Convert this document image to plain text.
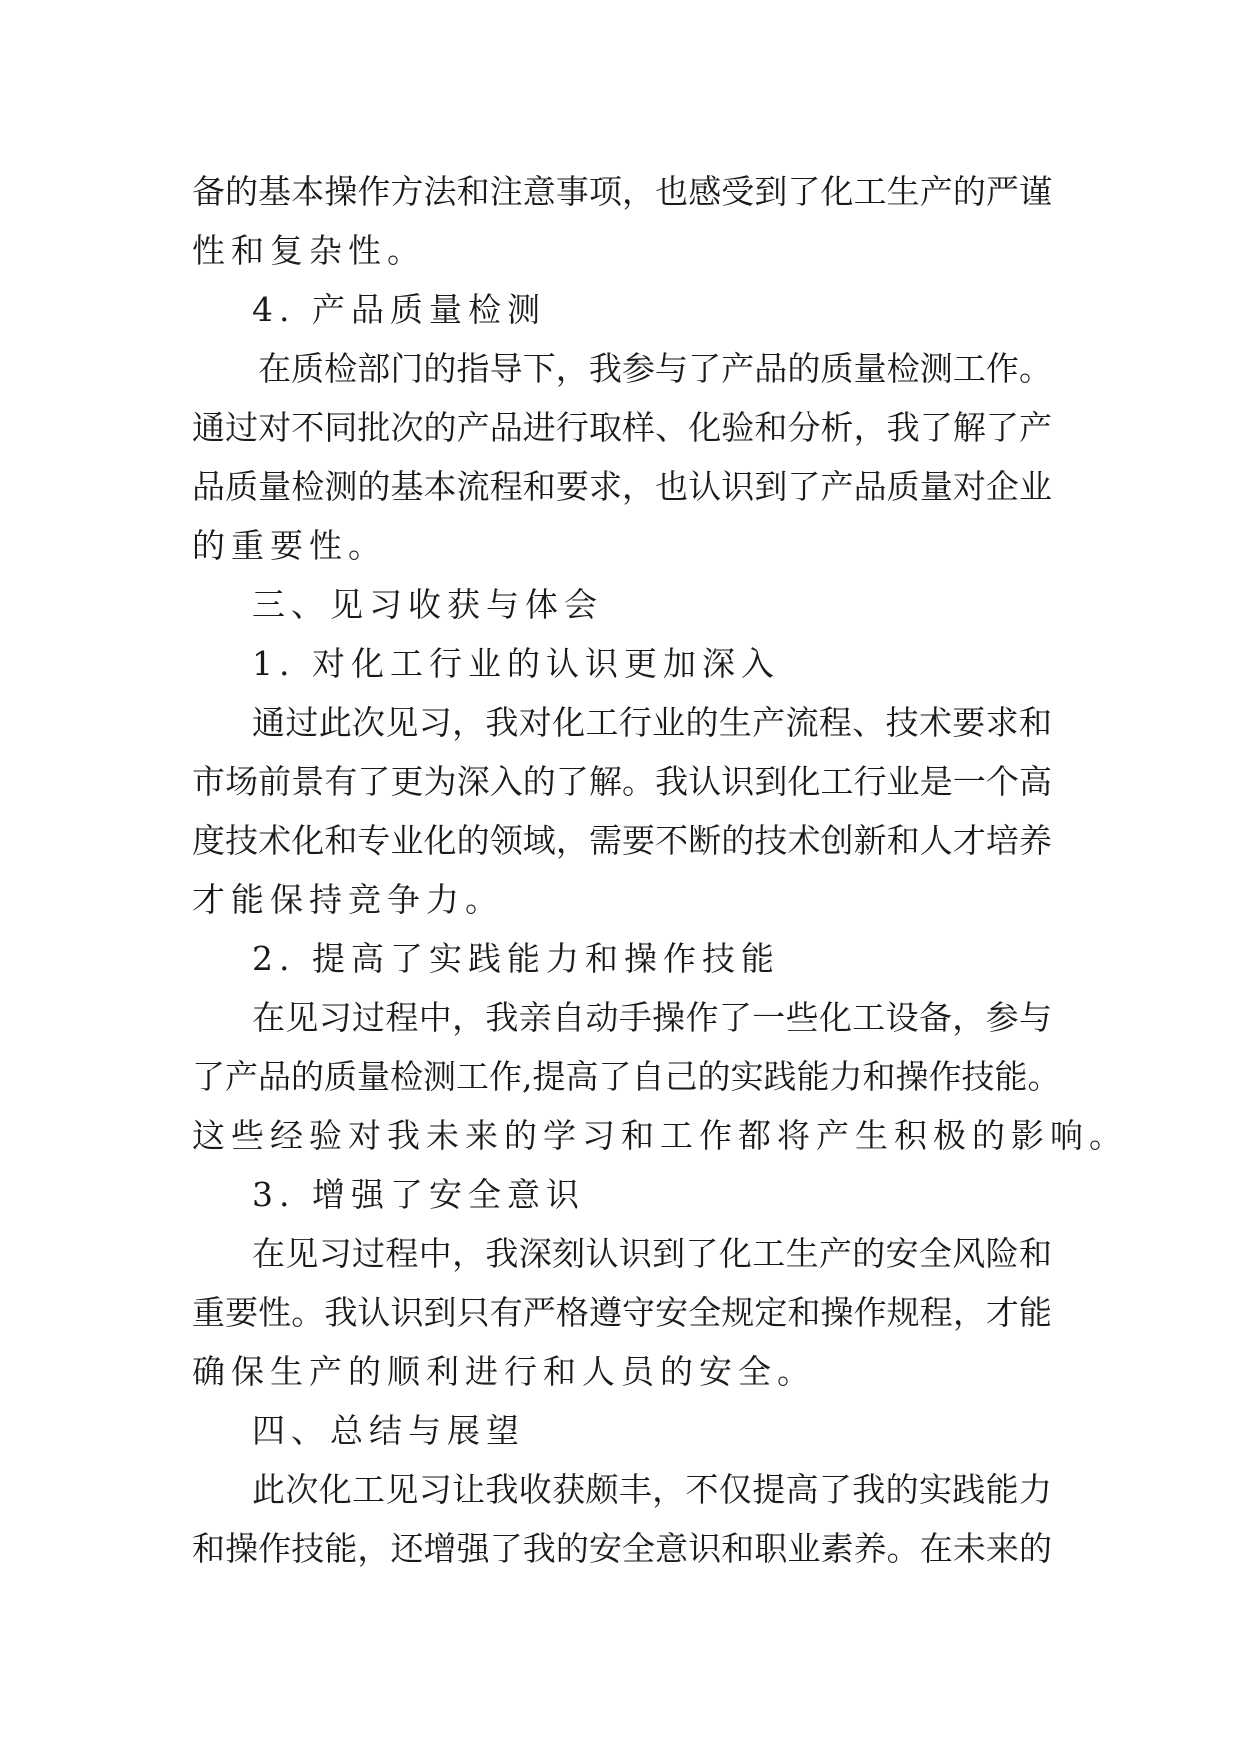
备的基本操作方法和注意事项，也感受到了化工生产的严谨
性和复杂性。
4. 产品质量检测
在质检部门的指导下，我参与了产品的质量检测工作。
通过对不同批次的产品进行取样、化验和分析，我了解了产
品质量检测的基本流程和要求，也认识到了产品质量对企业
的重要性。
三、见习收获与体会
1. 对化工行业的认识更加深入
通过此次见习，我对化工行业的生产流程、技术要求和
市场前景有了更为深入的了解。我认识到化工行业是一个高
度技术化和专业化的领域，需要不断的技术创新和人才培养
才能保持竞争力。
2. 提高了实践能力和操作技能
在见习过程中，我亲自动手操作了一些化工设备，参与
了产品的质量检测工作,提高了自己的实践能力和操作技能。
这些经验对我未来的学习和工作都将产生积极的影响。
3. 增强了安全意识
在见习过程中，我深刻认识到了化工生产的安全风险和
重要性。我认识到只有严格遵守安全规定和操作规程，才能
确保生产的顺利进行和人员的安全。
四、总结与展望
此次化工见习让我收获颇丰，不仅提高了我的实践能力
和操作技能，还增强了我的安全意识和职业素养。在未来的
